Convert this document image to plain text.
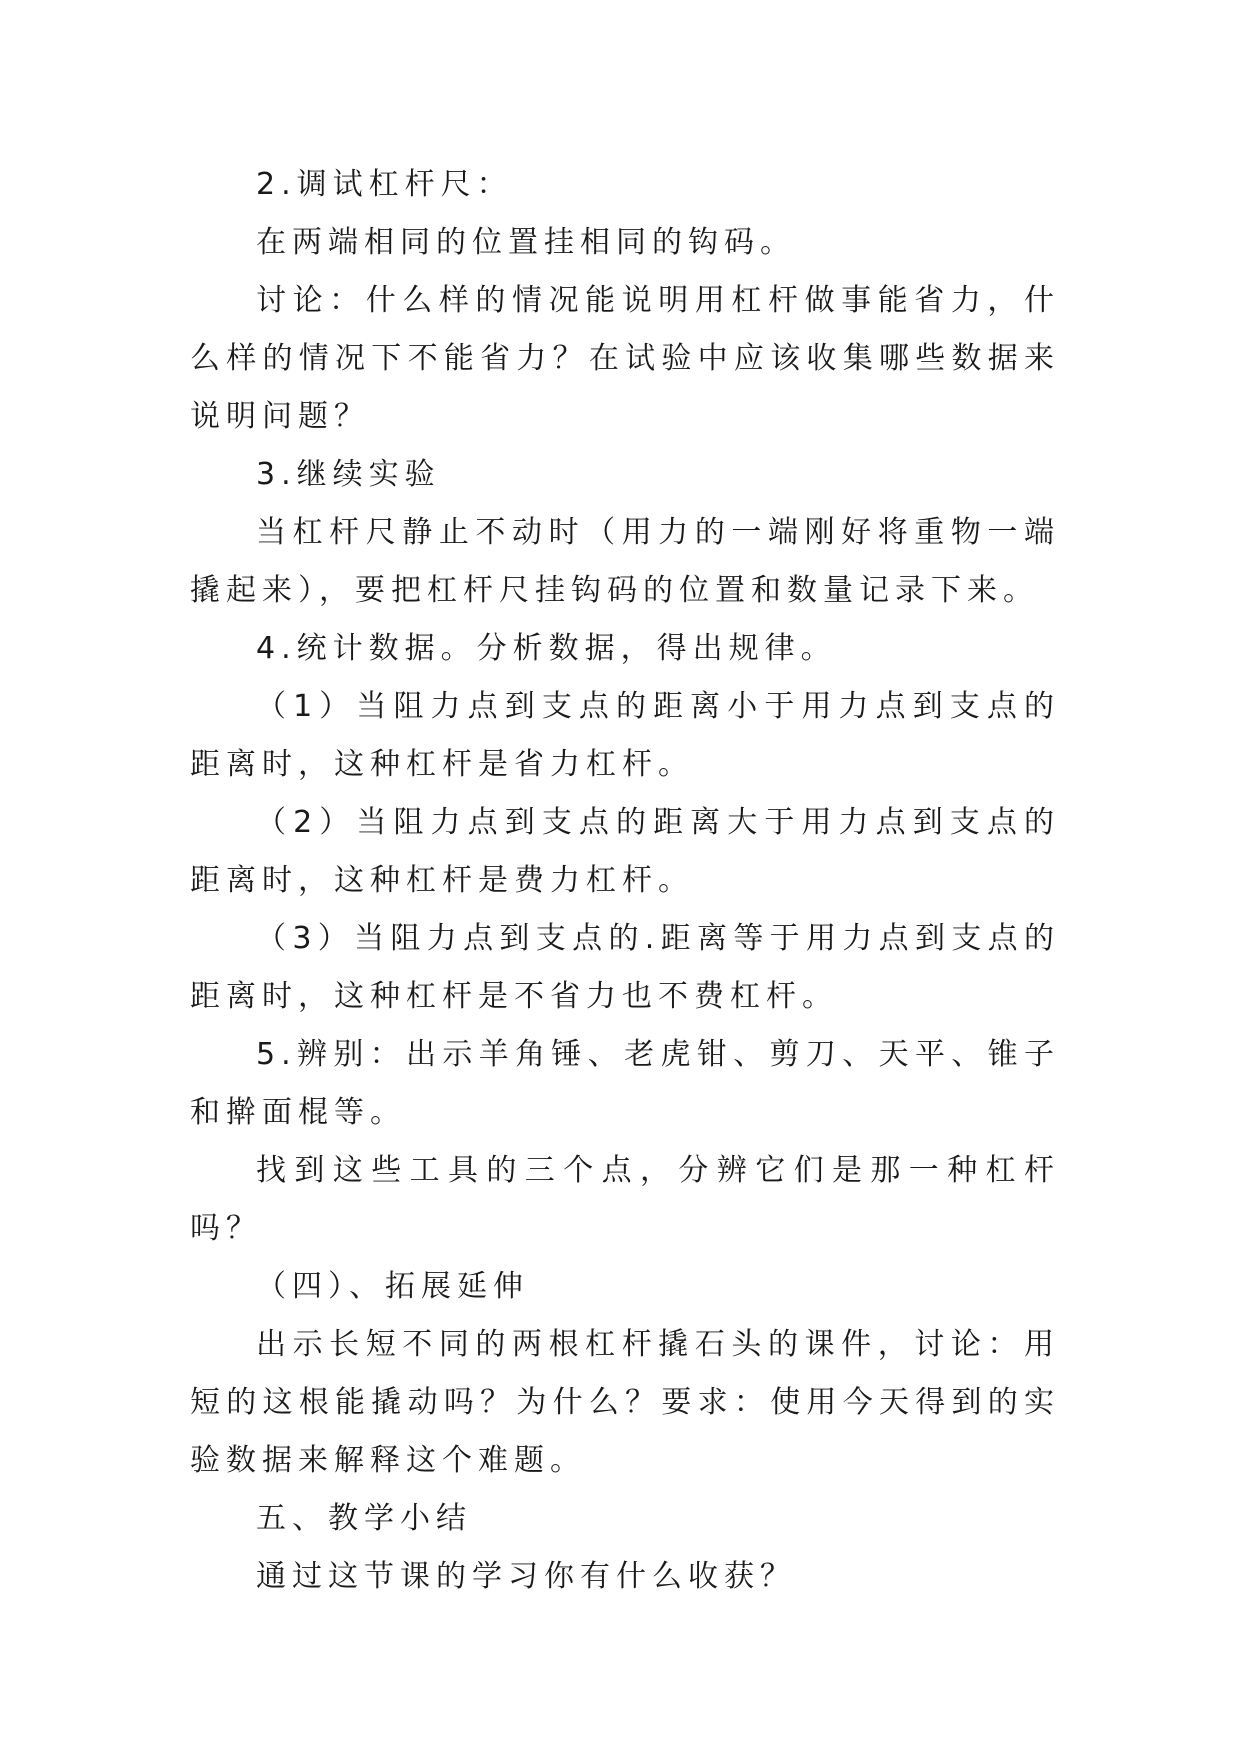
2.调试杠杆尺：

在两端相同的位置挂相同的钩码。

讨论：什么样的情况能说明用杠杆做事能省力，什么样的情况下不能省力？在试验中应该收集哪些数据来说明问题？

3.继续实验

当杠杆尺静止不动时（用力的一端刚好将重物一端撬起来），要把杠杆尺挂钩码的位置和数量记录下来。

4.统计数据。分析数据，得出规律。

（1）当阻力点到支点的距离小于用力点到支点的距离时，这种杠杆是省力杠杆。

（2）当阻力点到支点的距离大于用力点到支点的距离时，这种杠杆是费力杠杆。

（3）当阻力点到支点的.距离等于用力点到支点的距离时，这种杠杆是不省力也不费杠杆。

5.辨别：出示羊角锤、老虎钳、剪刀、天平、锥子和擀面棍等。

找到这些工具的三个点，分辨它们是那一种杠杆吗？

（四）、拓展延伸

出示长短不同的两根杠杆撬石头的课件，讨论：用短的这根能撬动吗？为什么？要求：使用今天得到的实验数据来解释这个难题。

五、教学小结

通过这节课的学习你有什么收获？
